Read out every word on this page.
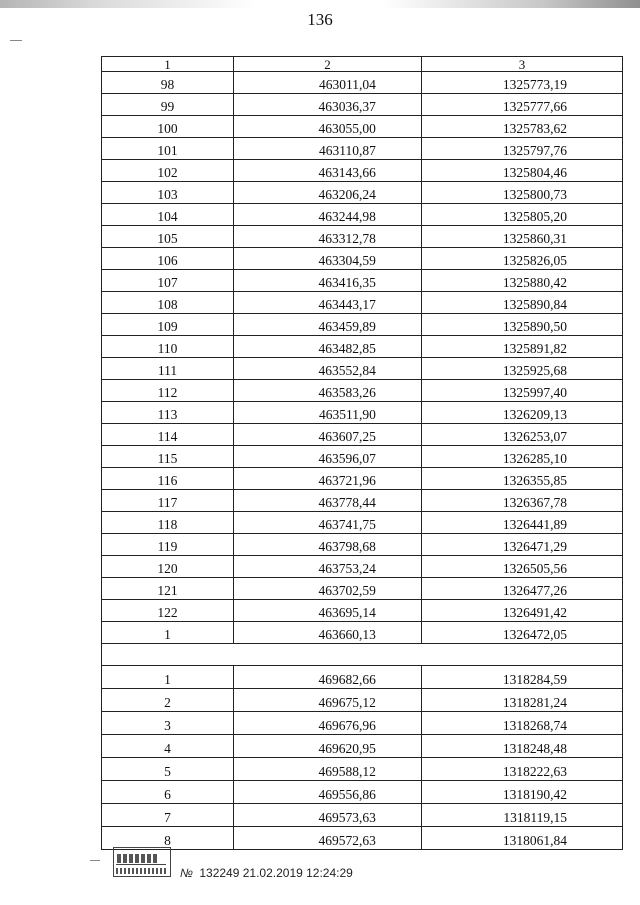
136
1	2	3
98	463011,04	1325773,19
99	463036,37	1325777,66
100	463055,00	1325783,62
101	463110,87	1325797,76
102	463143,66	1325804,46
103	463206,24	1325800,73
104	463244,98	1325805,20
105	463312,78	1325860,31
106	463304,59	1325826,05
107	463416,35	1325880,42
108	463443,17	1325890,84
109	463459,89	1325890,50
110	463482,85	1325891,82
111	463552,84	1325925,68
112	463583,26	1325997,40
113	463511,90	1326209,13
114	463607,25	1326253,07
115	463596,07	1326285,10
116	463721,96	1326355,85
117	463778,44	1326367,78
118	463741,75	1326441,89
119	463798,68	1326471,29
120	463753,24	1326505,56
121	463702,59	1326477,26
122	463695,14	1326491,42
1	463660,13	1326472,05

1	469682,66	1318284,59
2	469675,12	1318281,24
3	469676,96	1318268,74
4	469620,95	1318248,48
5	469588,12	1318222,63
6	469556,86	1318190,42
7	469573,63	1318119,15
8	469572,63	1318061,84
№ 132249 21.02.2019 12:24:29
